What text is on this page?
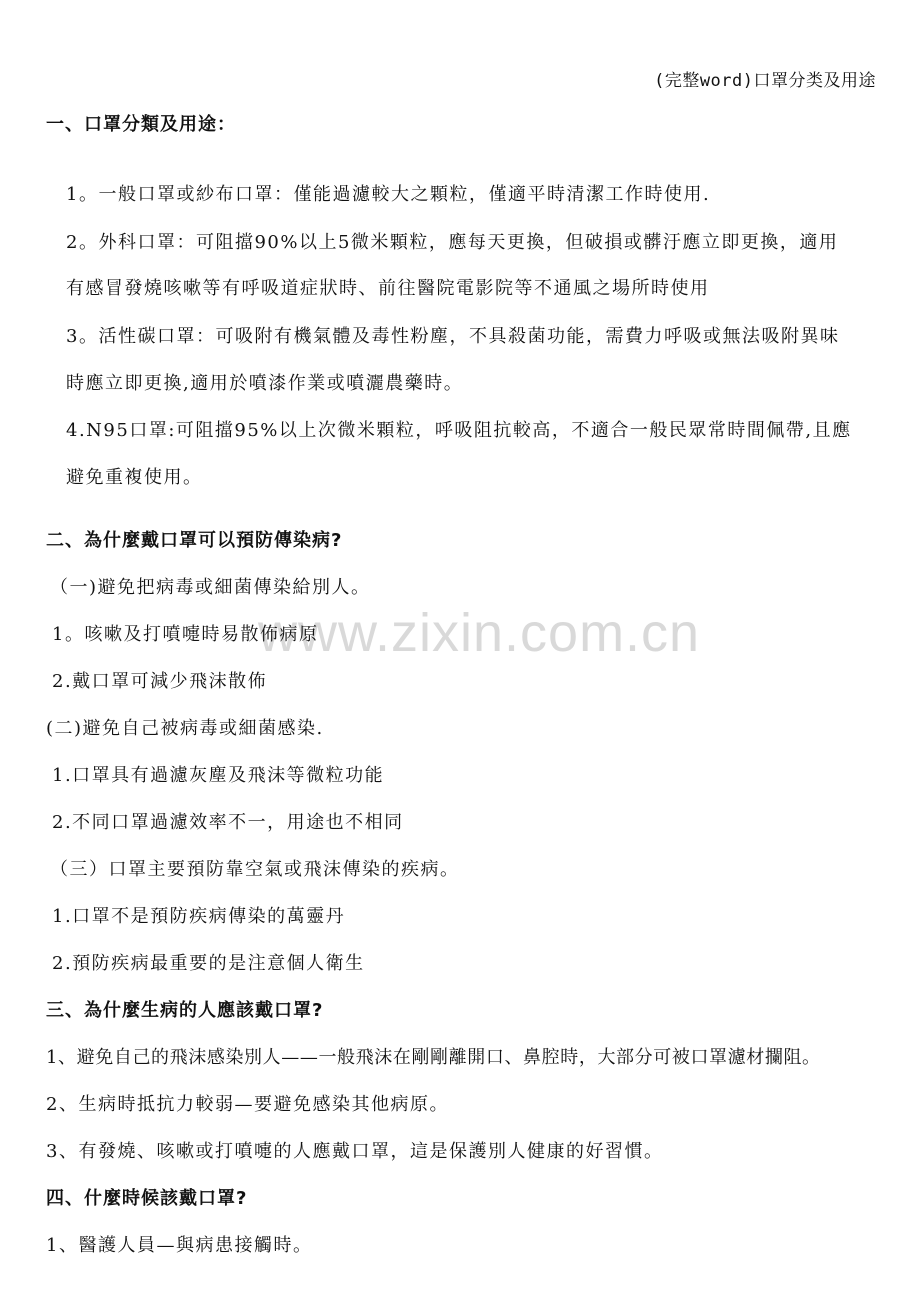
(完整word)口罩分类及用途
www.zixin.com.cn
一、口罩分類及用途：
1。一般口罩或紗布口罩：僅能過濾較大之顆粒，僅適平時清潔工作時使用.
2。外科口罩：可阻擋90%以上5微米顆粒，應每天更換，但破損或髒汙應立即更換，適用
有感冒發燒咳嗽等有呼吸道症狀時、前往醫院電影院等不通風之場所時使用
3。活性碳口罩：可吸附有機氣體及毒性粉塵，不具殺菌功能，需費力呼吸或無法吸附異味
時應立即更換,適用於噴漆作業或噴灑農藥時。
4.N95口罩:可阻擋95%以上次微米顆粒，呼吸阻抗較高，不適合一般民眾常時間佩帶,且應
避免重複使用。
二、為什麼戴口罩可以預防傳染病?
（一)避免把病毒或細菌傳染給別人。
1。咳嗽及打噴嚏時易散佈病原
2.戴口罩可減少飛沫散佈
(二)避免自己被病毒或細菌感染.
1.口罩具有過濾灰塵及飛沫等微粒功能
2.不同口罩過濾效率不一，用途也不相同
（三）口罩主要預防靠空氣或飛沫傳染的疾病。
1.口罩不是預防疾病傳染的萬靈丹
2.預防疾病最重要的是注意個人衛生
三、為什麼生病的人應該戴口罩?
1、避免自己的飛沫感染別人——一般飛沫在剛剛離開口、鼻腔時，大部分可被口罩濾材攔阻。
2、生病時抵抗力較弱—要避免感染其他病原。
3、有發燒、咳嗽或打噴嚏的人應戴口罩，這是保護別人健康的好習慣。
四、什麼時候該戴口罩?
1、醫護人員—與病患接觸時。
